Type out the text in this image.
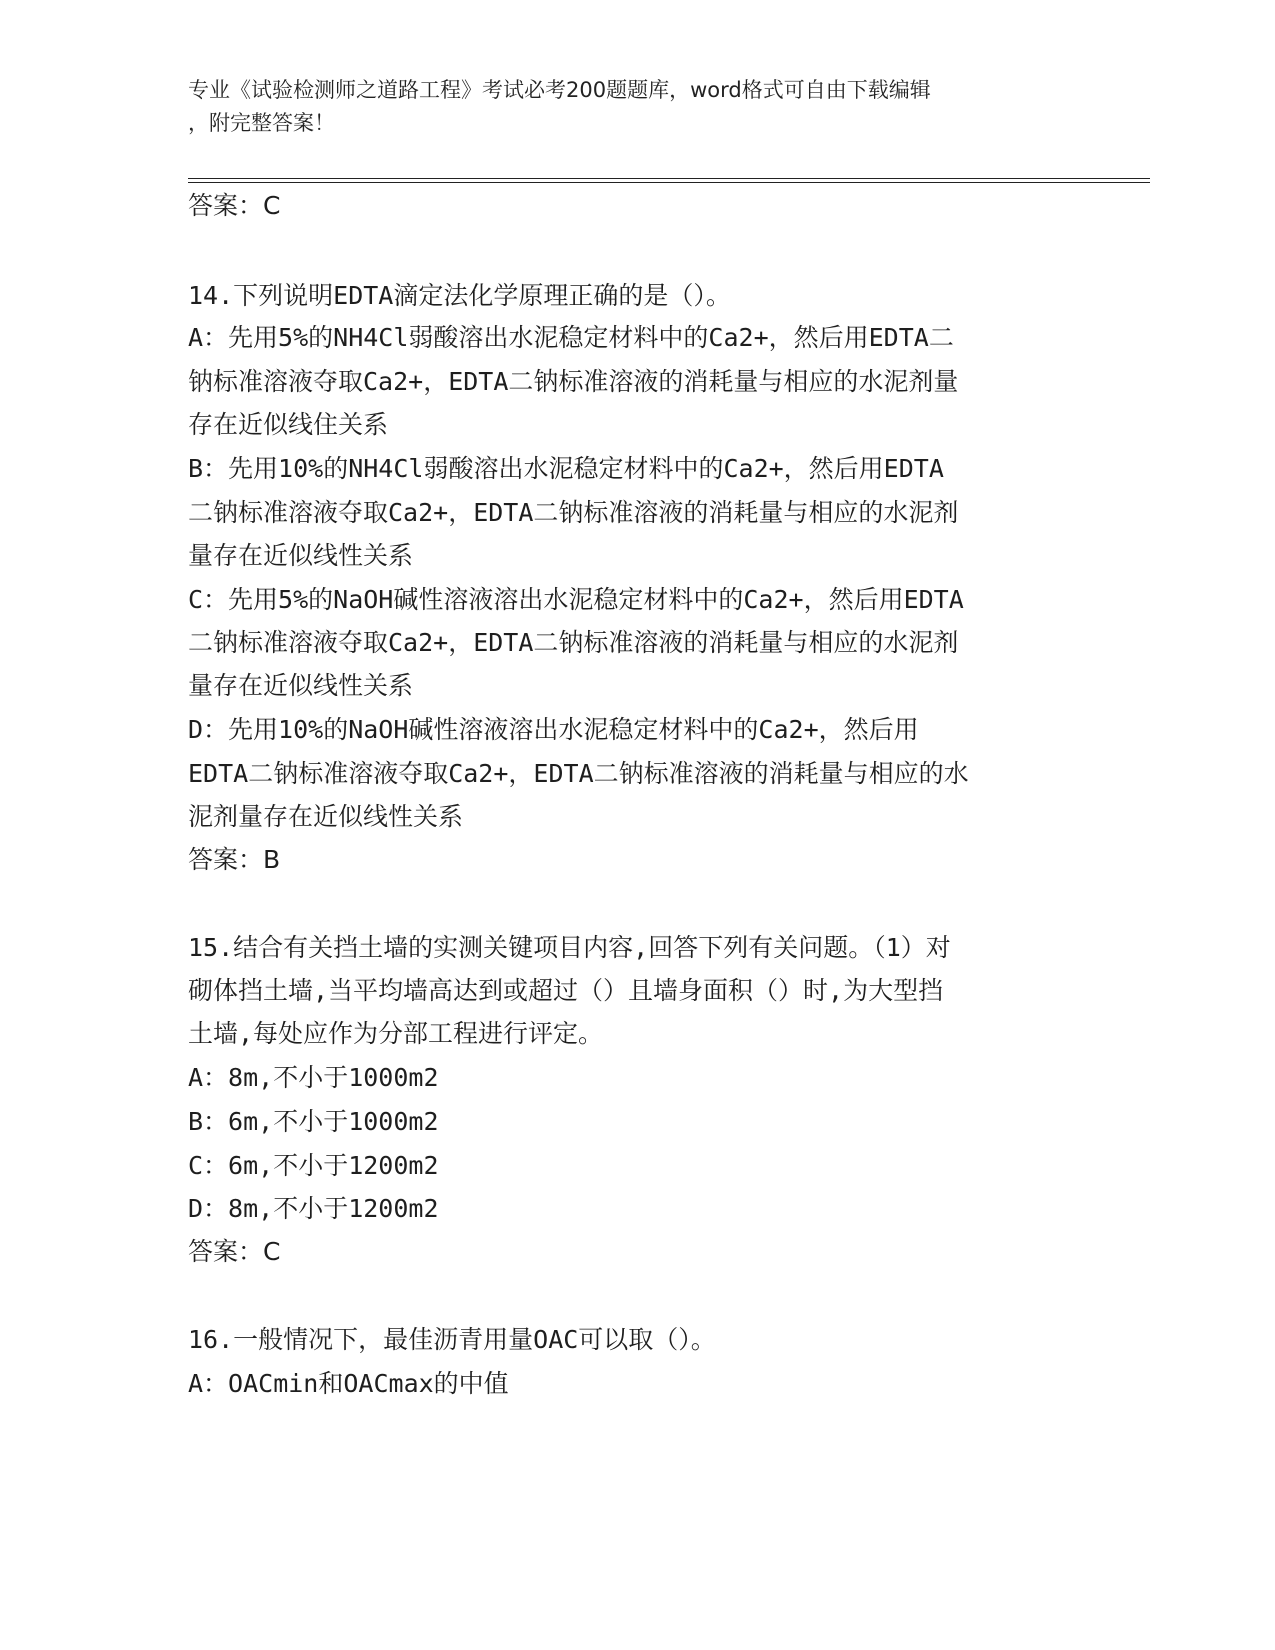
专业《试验检测师之道路工程》考试必考200题题库，word格式可自由下载编辑
，附完整答案！
答案：C
14.下列说明EDTA滴定法化学原理正确的是（）。
A：先用5%的NH4Cl弱酸溶出水泥稳定材料中的Ca2+，然后用EDTA二
钠标准溶液夺取Ca2+，EDTA二钠标准溶液的消耗量与相应的水泥剂量
存在近似线住关系
B：先用10%的NH4Cl弱酸溶出水泥稳定材料中的Ca2+，然后用EDTA
二钠标准溶液夺取Ca2+，EDTA二钠标准溶液的消耗量与相应的水泥剂
量存在近似线性关系
C：先用5%的NaOH碱性溶液溶出水泥稳定材料中的Ca2+，然后用EDTA
二钠标准溶液夺取Ca2+，EDTA二钠标准溶液的消耗量与相应的水泥剂
量存在近似线性关系
D：先用10%的NaOH碱性溶液溶出水泥稳定材料中的Ca2+，然后用
EDTA二钠标准溶液夺取Ca2+，EDTA二钠标准溶液的消耗量与相应的水
泥剂量存在近似线性关系
答案：B
15.结合有关挡土墙的实测关键项目内容,回答下列有关问题。（1）对
砌体挡土墙,当平均墙高达到或超过（）且墙身面积（）时,为大型挡
土墙,每处应作为分部工程进行评定。
A：8m,不小于1000m2
B：6m,不小于1000m2
C：6m,不小于1200m2
D：8m,不小于1200m2
答案：C
16.一般情况下，最佳沥青用量OAC可以取（）。
A：OACmin和OACmax的中值
